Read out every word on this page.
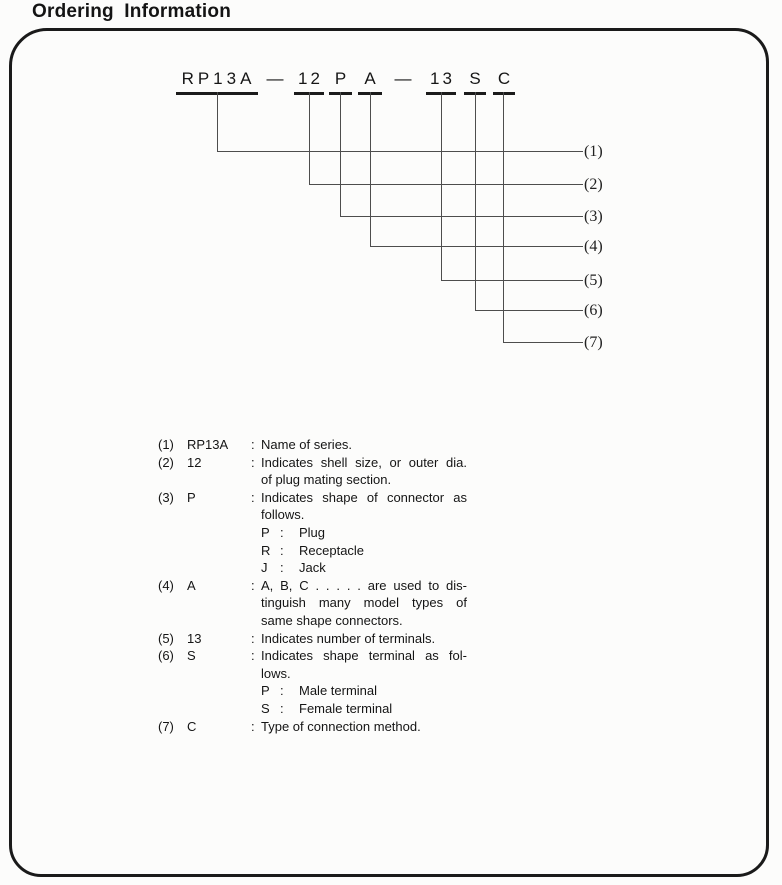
Ordering Information
RP13A — 12 P A —	13 S C
(1)
(2)
(3)
(4)
(5)
(6)
(7)
(1)	RP13A	: Name of series.
(2)	12	: Indicates shell size, or outer dia.
of plug mating section.
(3)	P	: Indicates shape of connector as
follows.
P :	Plug
R :	Receptacle
J :	Jack
(4)	A	: A, B, C . . . . . are used to dis-
tinguish many model types of
same shape connectors.
(5)	13	: Indicates number of terminals.
(6)	S	: Indicates shape terminal as fol-
lows.
P :	Male terminal
S :	Female terminal
(7)	C	: Type of connection method.
